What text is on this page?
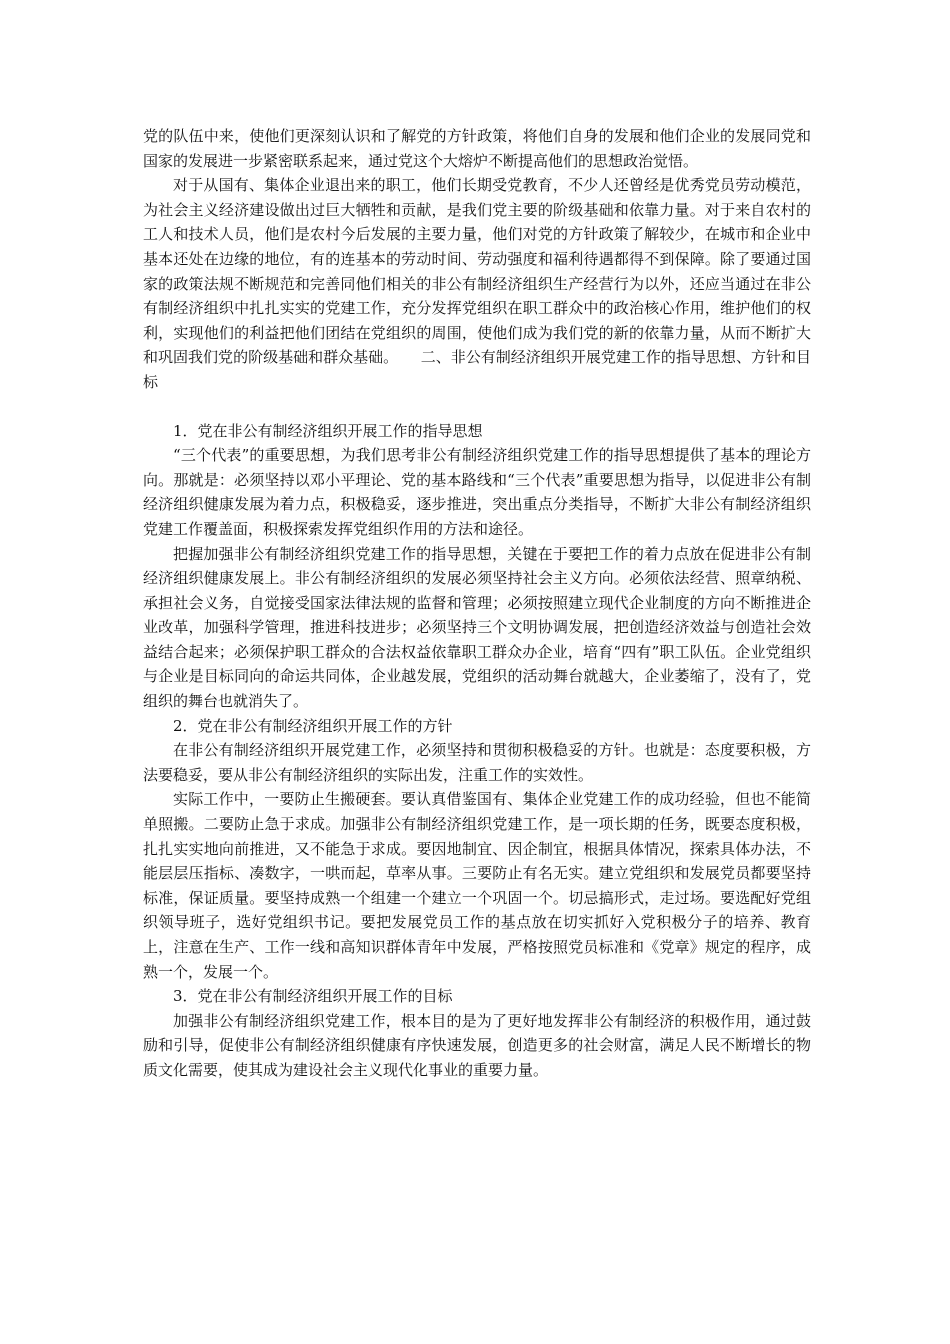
党的队伍中来，使他们更深刻认识和了解党的方针政策，将他们自身的发展和他们企业的发展同党和国家的发展进一步紧密联系起来，通过党这个大熔炉不断提高他们的思想政治觉悟。

对于从国有、集体企业退出来的职工，他们长期受党教育，不少人还曾经是优秀党员劳动模范，为社会主义经济建设做出过巨大牺牲和贡献，是我们党主要的阶级基础和依靠力量。对于来自农村的工人和技术人员，他们是农村今后发展的主要力量，他们对党的方针政策了解较少，在城市和企业中基本还处在边缘的地位，有的连基本的劳动时间、劳动强度和福利待遇都得不到保障。除了要通过国家的政策法规不断规范和完善同他们相关的非公有制经济组织生产经营行为以外，还应当通过在非公有制经济组织中扎扎实实的党建工作，充分发挥党组织在职工群众中的政治核心作用，维护他们的权利，实现他们的利益把他们团结在党组织的周围，使他们成为我们党的新的依靠力量，从而不断扩大和巩固我们党的阶级基础和群众基础。　　二、非公有制经济组织开展党建工作的指导思想、方针和目标

1．党在非公有制经济组织开展工作的指导思想

“三个代表”的重要思想，为我们思考非公有制经济组织党建工作的指导思想提供了基本的理论方向。那就是：必须坚持以邓小平理论、党的基本路线和“三个代表”重要思想为指导，以促进非公有制经济组织健康发展为着力点，积极稳妥，逐步推进，突出重点分类指导，不断扩大非公有制经济组织党建工作覆盖面，积极探索发挥党组织作用的方法和途径。

把握加强非公有制经济组织党建工作的指导思想，关键在于要把工作的着力点放在促进非公有制经济组织健康发展上。非公有制经济组织的发展必须坚持社会主义方向。必须依法经营、照章纳税、承担社会义务，自觉接受国家法律法规的监督和管理；必须按照建立现代企业制度的方向不断推进企业改革，加强科学管理，推进科技进步；必须坚持三个文明协调发展，把创造经济效益与创造社会效益结合起来；必须保护职工群众的合法权益依靠职工群众办企业，培育“四有”职工队伍。企业党组织与企业是目标同向的命运共同体，企业越发展，党组织的活动舞台就越大，企业萎缩了，没有了，党组织的舞台也就消失了。

2．党在非公有制经济组织开展工作的方针

在非公有制经济组织开展党建工作，必须坚持和贯彻积极稳妥的方针。也就是：态度要积极，方法要稳妥，要从非公有制经济组织的实际出发，注重工作的实效性。

实际工作中，一要防止生搬硬套。要认真借鉴国有、集体企业党建工作的成功经验，但也不能简单照搬。二要防止急于求成。加强非公有制经济组织党建工作，是一项长期的任务，既要态度积极，扎扎实实地向前推进，又不能急于求成。要因地制宜、因企制宜，根据具体情况，探索具体办法，不能层层压指标、凑数字，一哄而起，草率从事。三要防止有名无实。建立党组织和发展党员都要坚持标准，保证质量。要坚持成熟一个组建一个建立一个巩固一个。切忌搞形式，走过场。要选配好党组织领导班子，选好党组织书记。要把发展党员工作的基点放在切实抓好入党积极分子的培养、教育上，注意在生产、工作一线和高知识群体青年中发展，严格按照党员标准和《党章》规定的程序，成熟一个，发展一个。

3．党在非公有制经济组织开展工作的目标

加强非公有制经济组织党建工作，根本目的是为了更好地发挥非公有制经济的积极作用，通过鼓励和引导，促使非公有制经济组织健康有序快速发展，创造更多的社会财富，满足人民不断增长的物质文化需要，使其成为建设社会主义现代化事业的重要力量。
